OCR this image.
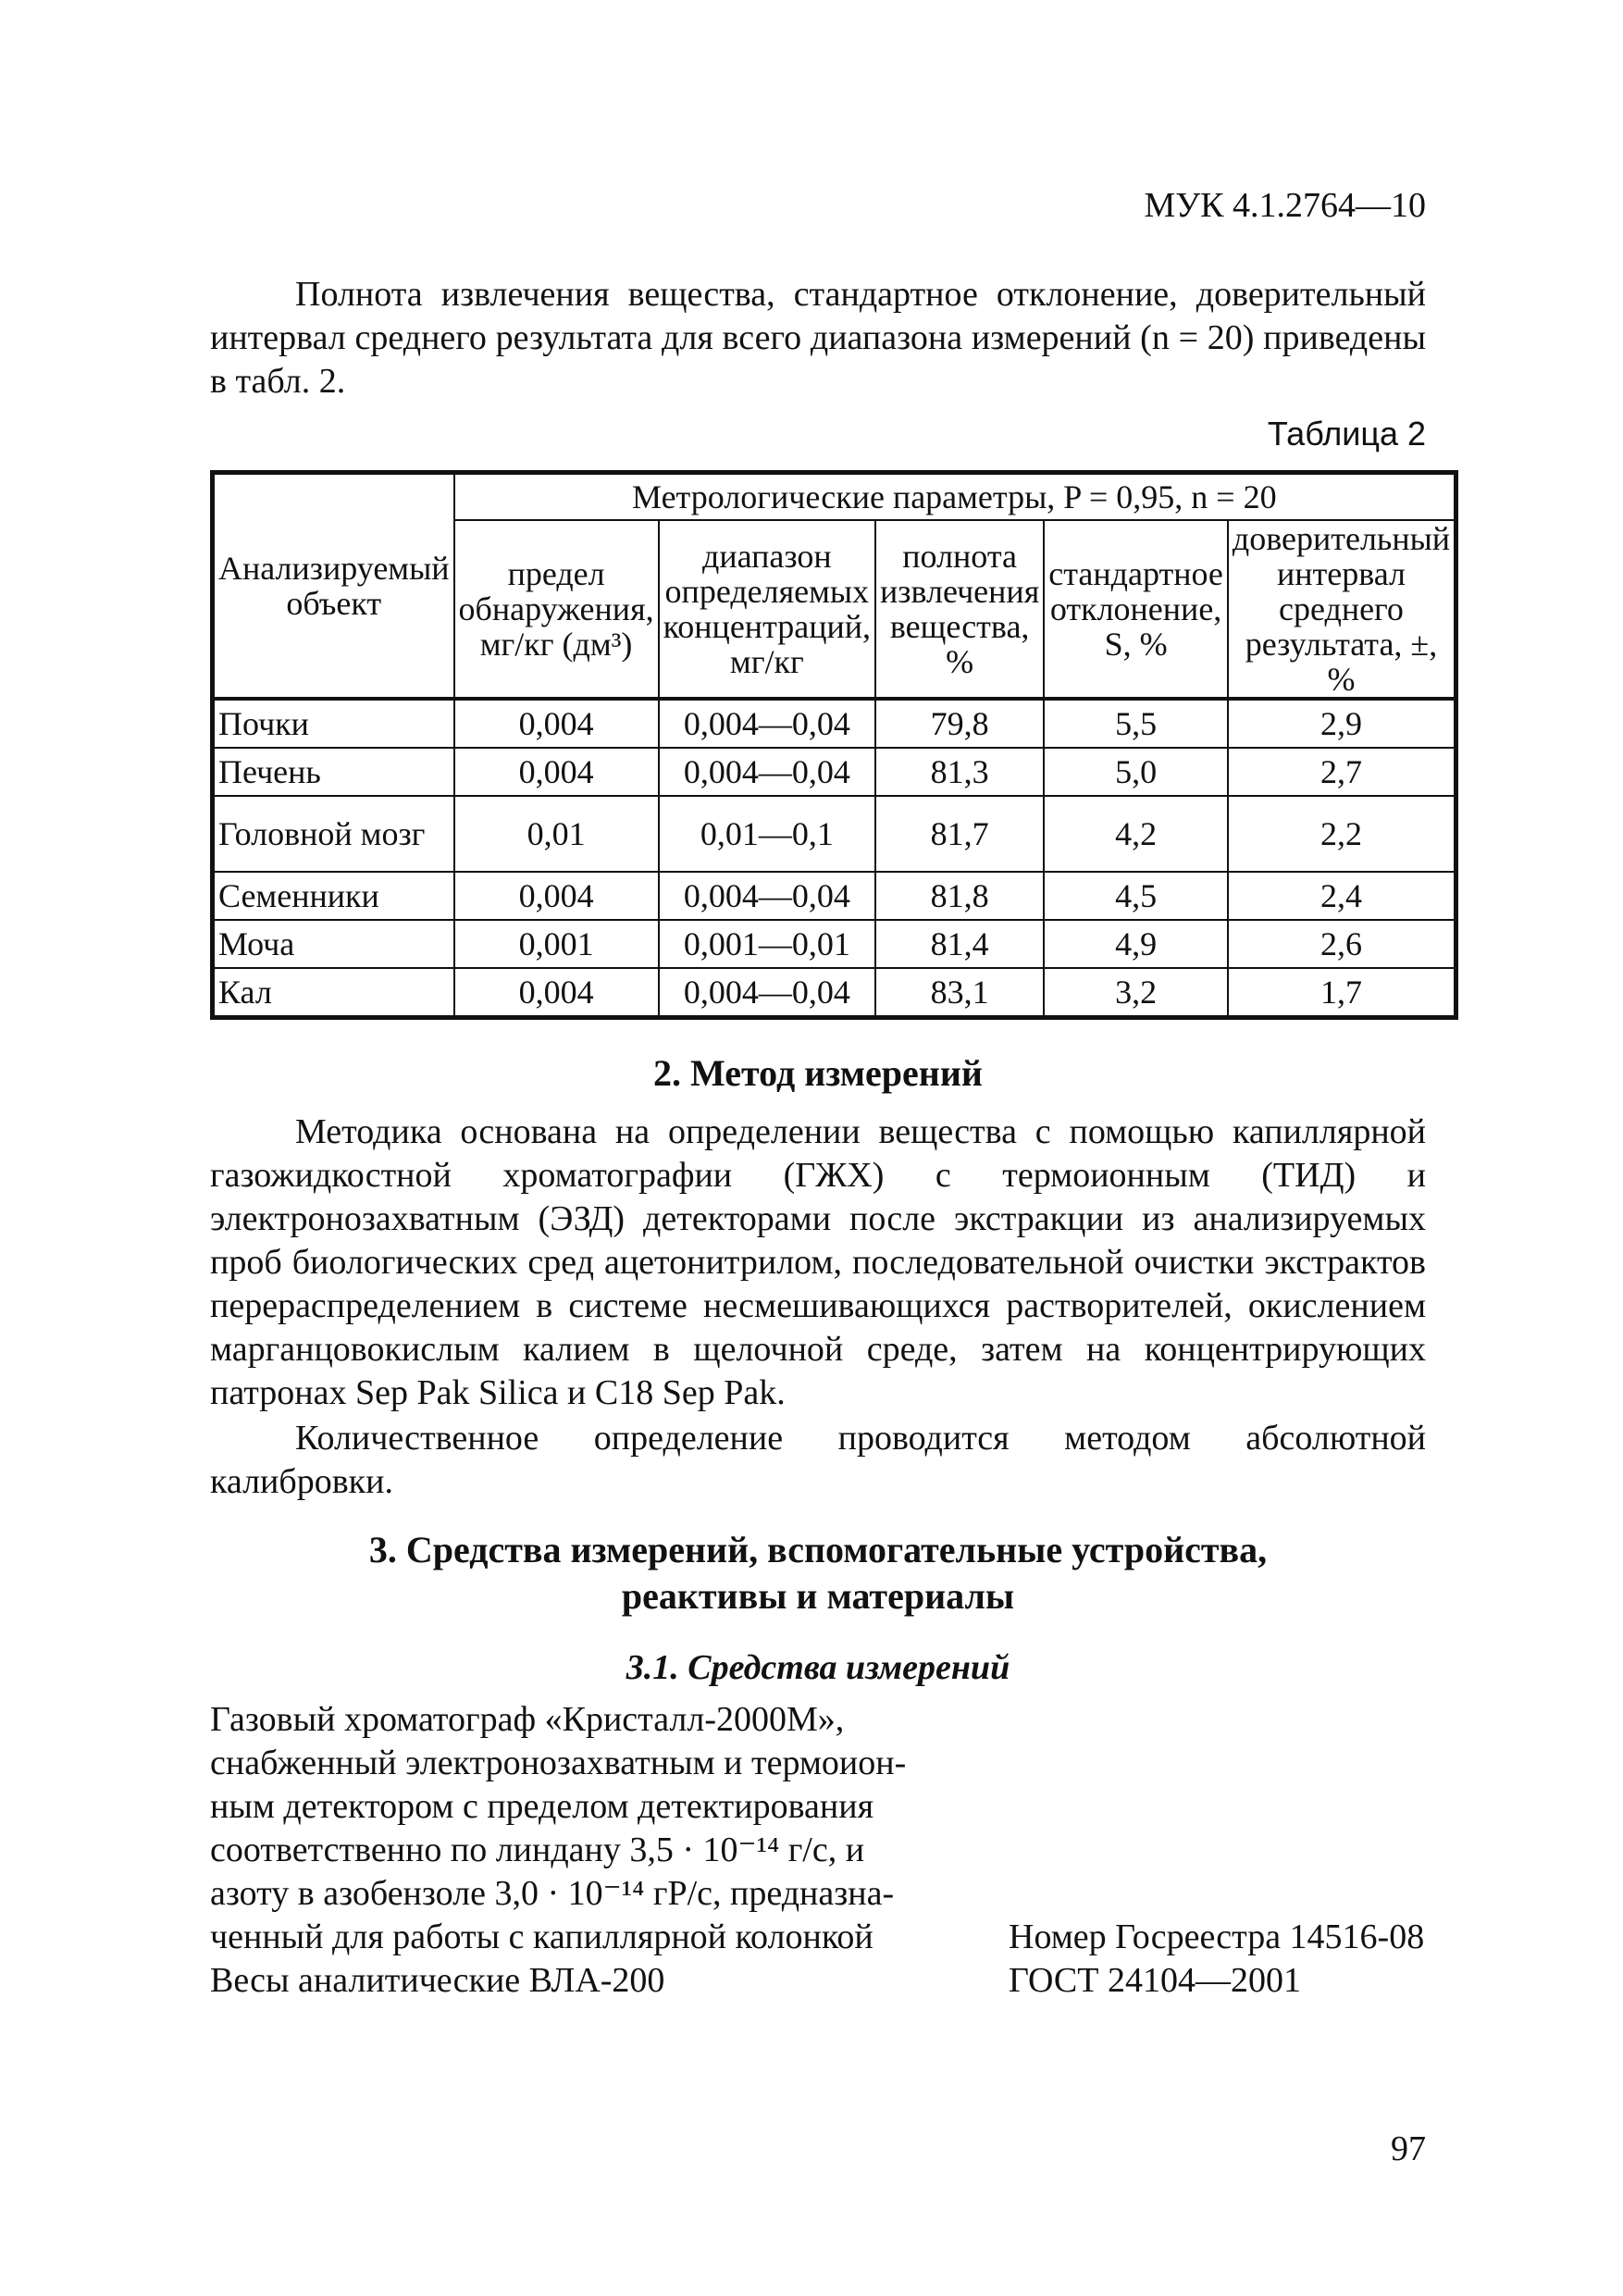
МУК 4.1.2764—10

Полнота извлечения вещества, стандартное отклонение, доверительный интервал среднего результата для всего диапазона измерений (n = 20) приведены в табл. 2.

Таблица 2

Анализируемый объект	Метрологические параметры, P = 0,95, n = 20				
	предел обнаружения, мг/кг (дм³)	диапазон определяемых концентраций, мг/кг	полнота извлечения вещества, %	стандартное отклонение, S, %	доверительный интервал среднего результата, ±, %
Почки	0,004	0,004—0,04	79,8	5,5	2,9
Печень	0,004	0,004—0,04	81,3	5,0	2,7
Головной мозг	0,01	0,01—0,1	81,7	4,2	2,2
Семенники	0,004	0,004—0,04	81,8	4,5	2,4
Моча	0,001	0,001—0,01	81,4	4,9	2,6
Кал	0,004	0,004—0,04	83,1	3,2	1,7
2. Метод измерений

Методика основана на определении вещества с помощью капиллярной газожидкостной хроматографии (ГЖХ) с термоионным (ТИД) и электронозахватным (ЭЗД) детекторами после экстракции из анализируемых проб биологических сред ацетонитрилом, последовательной очистки экстрактов перераспределением в системе несмешивающихся растворителей, окислением марганцовокислым калием в щелочной среде, затем на концентрирующих патронах Sep Pak Silica и C18 Sep Pak.

Количественное определение проводится методом абсолютной калибровки.

3. Средства измерений, вспомогательные устройства,
реактивы и материалы
3.1. Средства измерений
Газовый хроматограф «Кристалл-2000М»,
снабженный электронозахватным и термоион-
ным детектором с пределом детектирования
соответственно по линдану 3,5 · 10⁻¹⁴ г/с, и
азоту в азобензоле 3,0 · 10⁻¹⁴ гР/с, предназна-
ченный для работы с капиллярной колонкой	Номер Госреестра 14516-08
Весы аналитические ВЛА-200	ГОСТ 24104—2001

97
